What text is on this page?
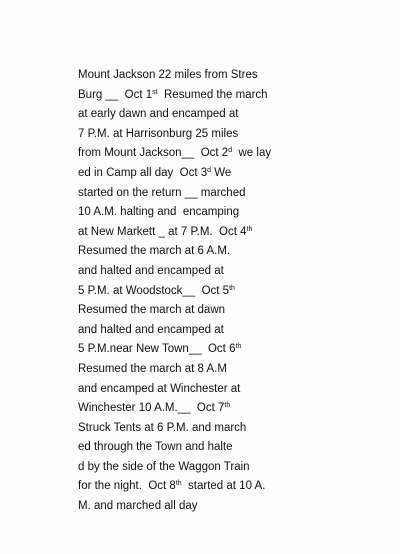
Mount Jackson 22 miles from Stres
Burg __  Oct 1st  Resumed the march
at early dawn and encamped at
7 P.M. at Harrisonburg 25 miles
from Mount Jackson__  Oct 2$^d$  we lay
ed in Camp all day  Oct 3$^d$ We
started on the return __ marched
10 A.M. halting and  encamping
at New Markett _ at 7 P.M.  Oct 4th
Resumed the march at 6 A.M.
and halted and encamped at
5 P.M. at Woodstock__  Oct 5th
Resumed the march at dawn
and halted and encamped at
5 P.M.near New Town__  Oct 6th
Resumed the march at 8 A.M
and encamped at Winchester at
Winchester 10 A.M.__  Oct 7th
Struck Tents at 6 P.M. and march
ed through the Town and halte
d by the side of the Waggon Train
for the night.  Oct 8th  started at 10 A.
M. and marched all day
